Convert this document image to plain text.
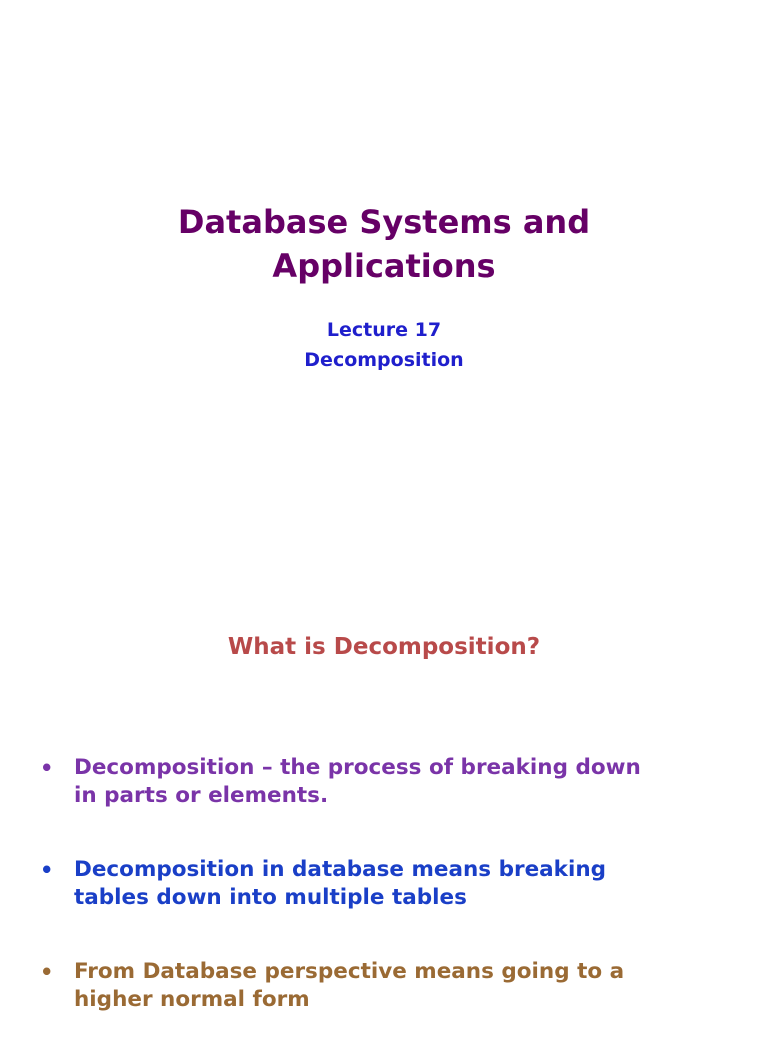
Database Systems and
Applications

Lecture 17

Decomposition

What is Decomposition?
• Decomposition – the process of breaking down
in parts or elements.
• Decomposition in database means breaking
tables down into multiple tables
• From Database perspective means going to a
higher normal form
